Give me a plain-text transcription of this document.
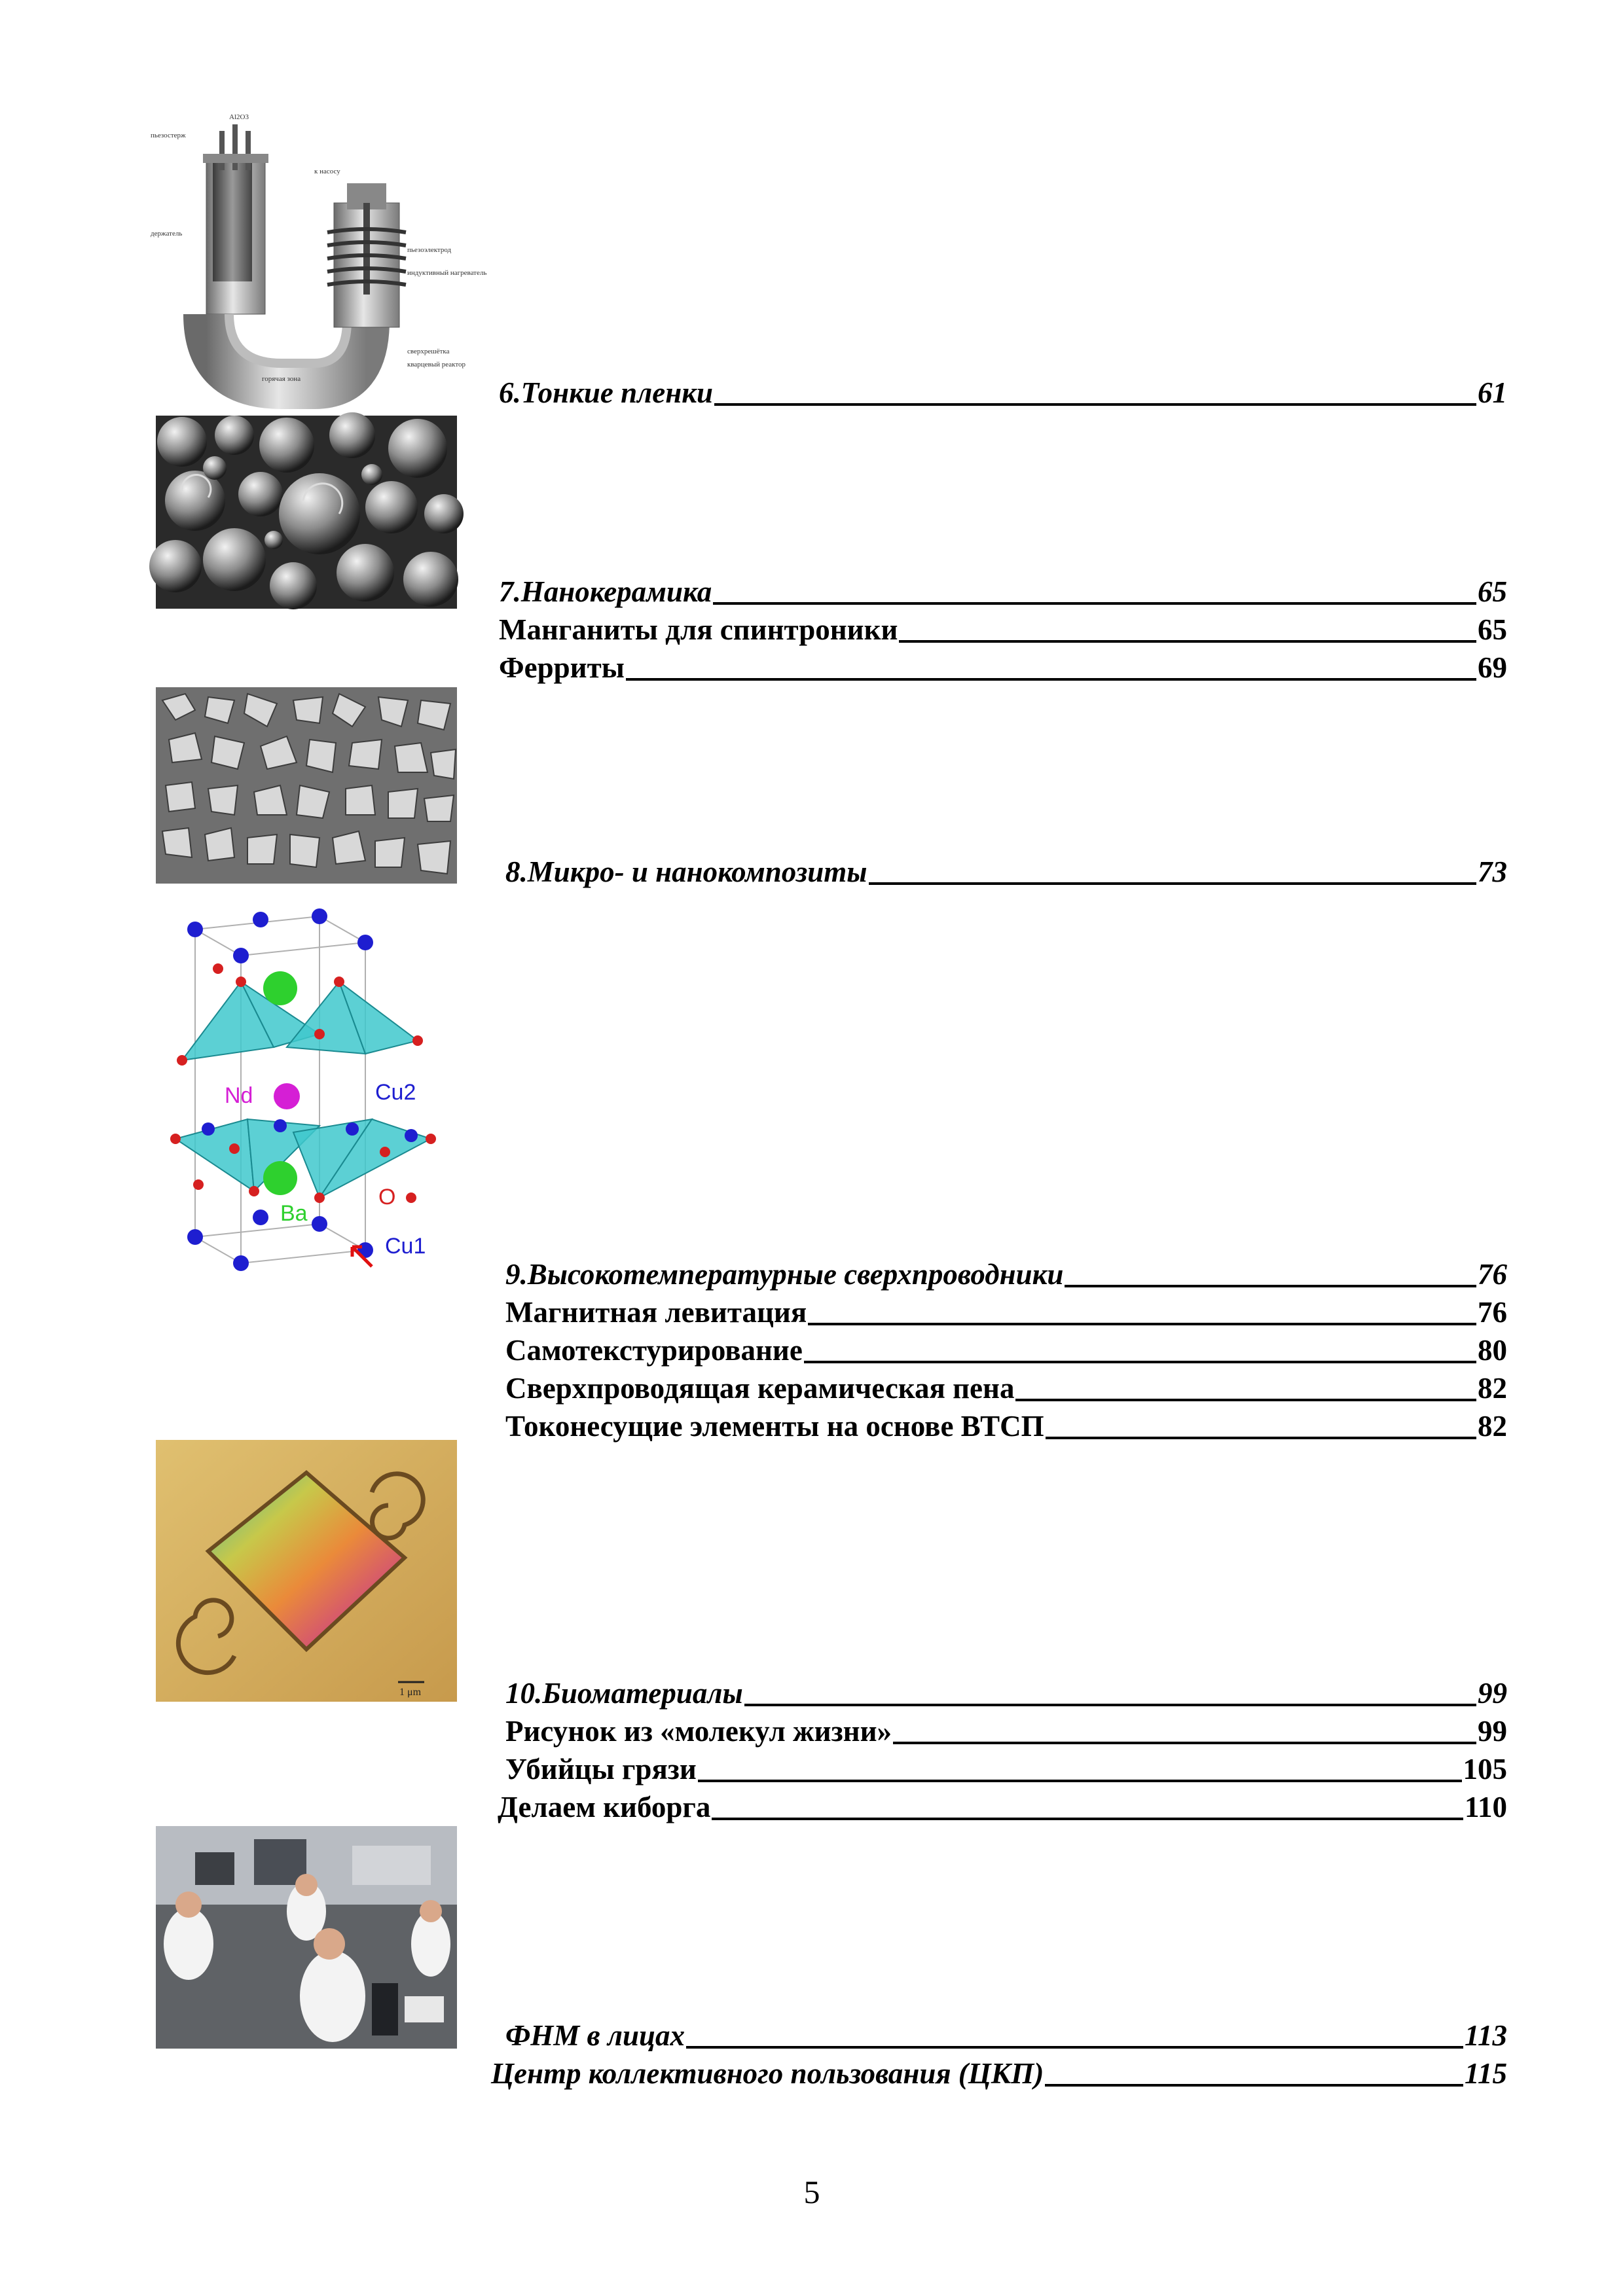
Al2O3
пьезостерж
к насосу
держатель
пьезоэлектрод
индуктивный нагреватель
сверхрешётка
горячая зона
кварцевый реактор
Nd	Cu2
O
Ba
Cu1
1 μm
6.Тонкие пленки	61
7.Нанокерамика	65
Манганиты для спинтроники	65
Ферриты	69
8.Микро- и нанокомпозиты	73
9.Высокотемпературные сверхпроводники	76
Магнитная левитация	76
Самотекстурирование	80
Сверхпроводящая керамическая пена	82
Токонесущие элементы на основе ВТСП	82
10.Биоматериалы	99
Рисунок из «молекул жизни»	99
Убийцы грязи	105
Делаем киборга	110
ФНМ в лицах	113
Центр коллективного пользования (ЦКП)	115
5
